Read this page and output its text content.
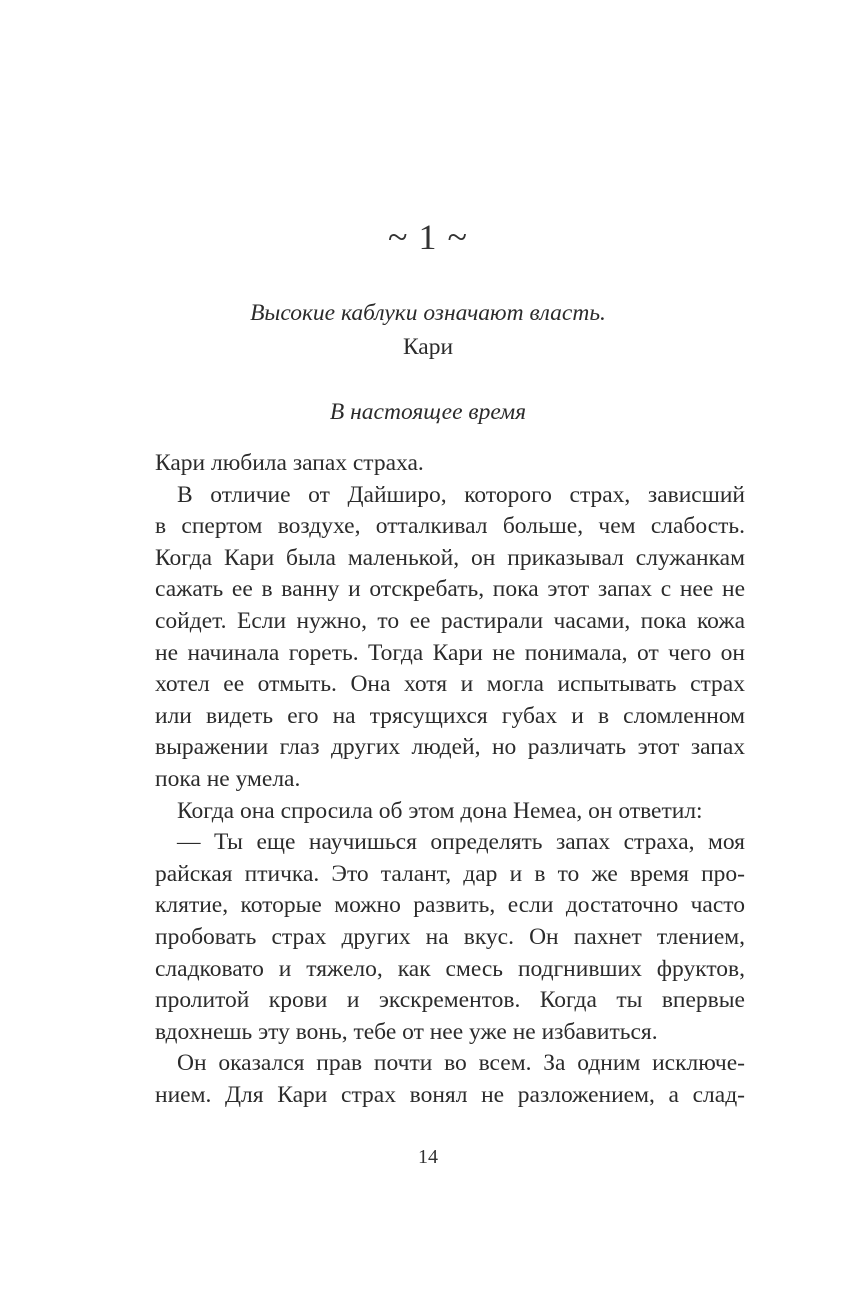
~ 1 ~
Высокие каблуки означают власть.
Кари
В настоящее время
Кари любила запах страха.
В отличие от Дайширо, которого страх, зависший
в спертом воздухе, отталкивал больше, чем слабость.
Когда Кари была маленькой, он приказывал служанкам
сажать ее в ванну и отскребать, пока этот запах с нее не
сойдет. Если нужно, то ее растирали часами, пока кожа
не начинала гореть. Тогда Кари не понимала, от чего он
хотел ее отмыть. Она хотя и могла испытывать страх
или видеть его на трясущихся губах и в сломленном
выражении глаз других людей, но различать этот запах
пока не умела.
Когда она спросила об этом дона Немеа, он ответил:
— Ты еще научишься определять запах страха, моя
райская птичка. Это талант, дар и в то же время про-
клятие, которые можно развить, если достаточно часто
пробовать страх других на вкус. Он пахнет тлением,
сладковато и тяжело, как смесь подгнивших фруктов,
пролитой крови и экскрементов. Когда ты впервые
вдохнешь эту вонь, тебе от нее уже не избавиться.
Он оказался прав почти во всем. За одним исключе-
нием. Для Кари страх вонял не разложением, а слад-
14
